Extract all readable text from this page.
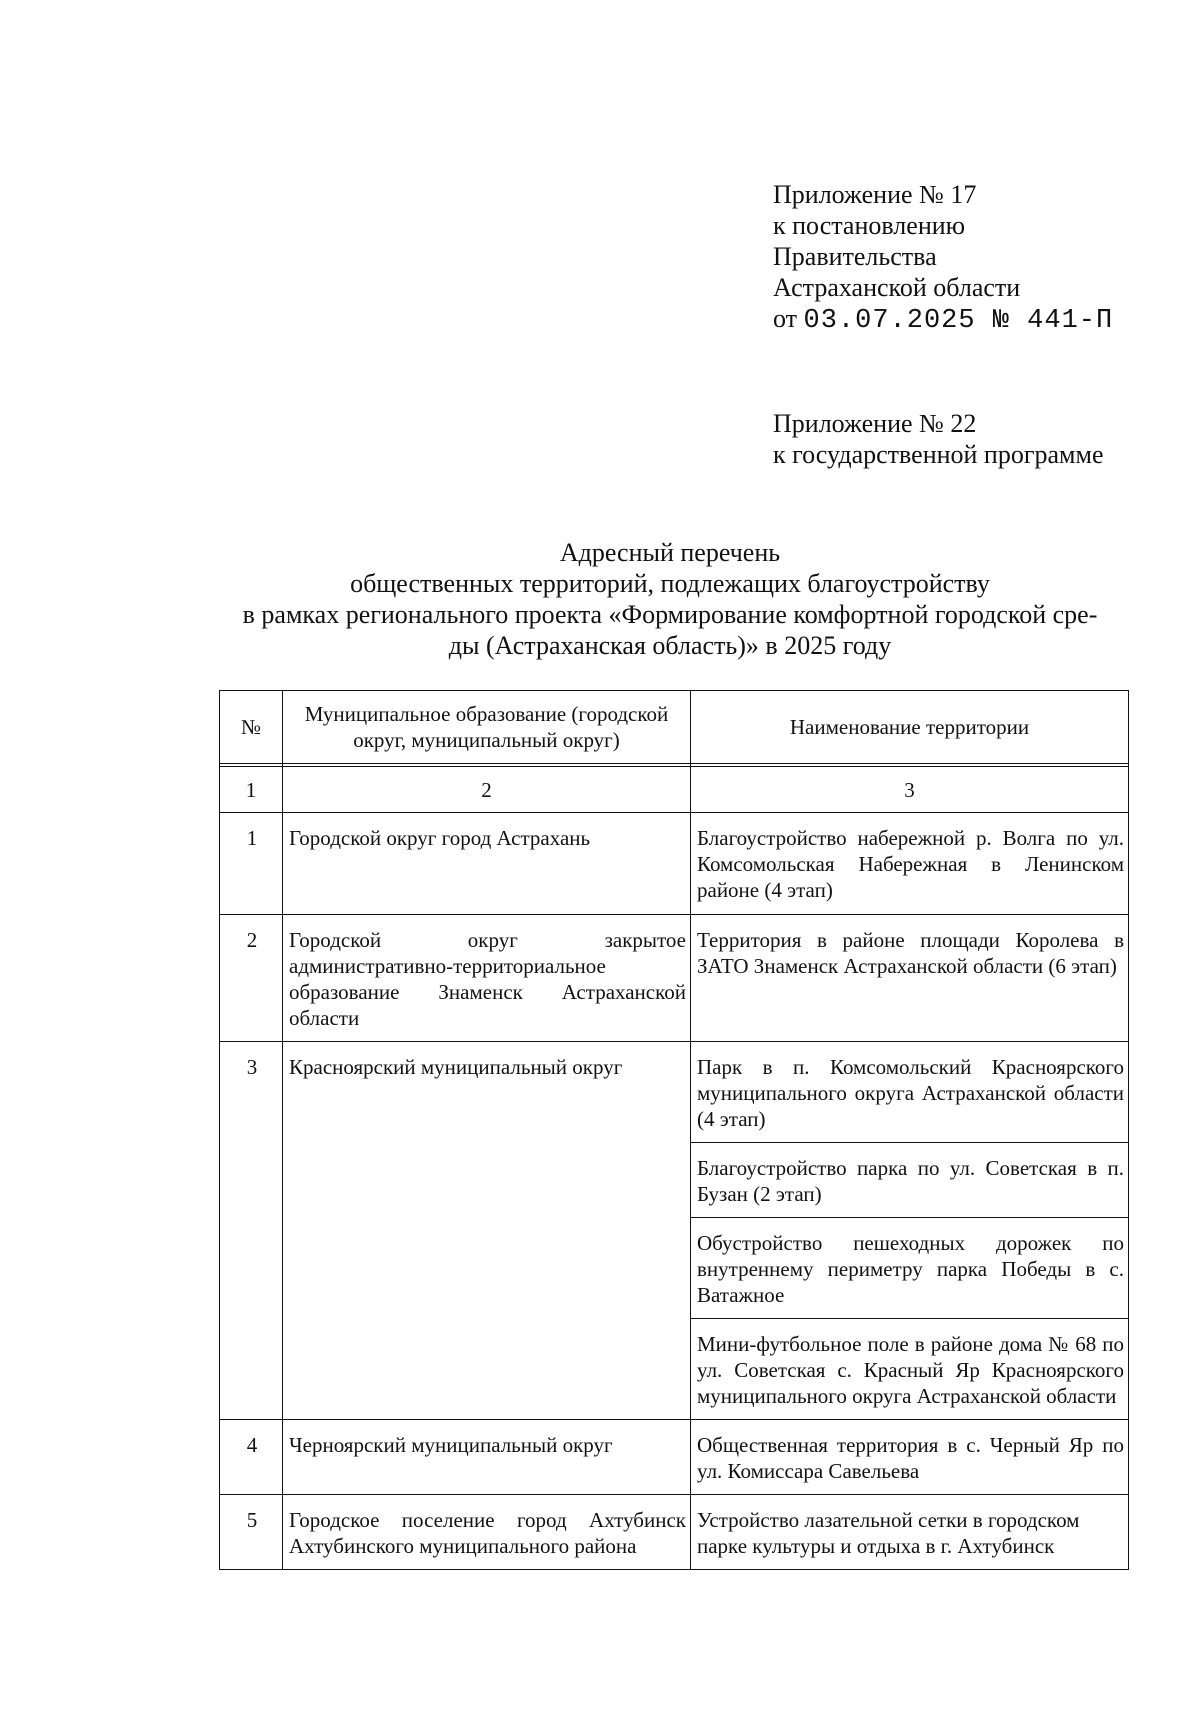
Приложение № 17
к постановлению
Правительства
Астраханской области
от 03.07.2025 № 441-П
Приложение № 22
к государственной программе
Адресный перечень
общественных территорий, подлежащих благоустройству
в рамках регионального проекта «Формирование комфортной городской сре-
ды (Астраханская область)» в 2025 году
№	Муниципальное образование (городской округ, муниципальный округ)	Наименование территории

1	2	3
1	Городской округ город Астрахань	Благоустройство набережной р. Волга по ул. Комсомольская Набережная в Ленинском районе (4 этап)
2	Городской округ закрытое административно-территориальное образование Знаменск Астраханской области	Территория в районе площади Королева в ЗАТО Знаменск Астраханской области (6 этап)
3	Красноярский муниципальный округ	Парк в п. Комсомольский Красноярского муниципального округа Астраханской области (4 этап)
		Благоустройство парка по ул. Советская в п. Бузан (2 этап)
		Обустройство пешеходных дорожек по внутреннему периметру парка Победы в с. Ватажное
		Мини-футбольное поле в районе дома № 68 по ул. Советская с. Красный Яр Красноярского муниципального округа Астраханской области
4	Черноярский муниципальный округ	Общественная территория в с. Черный Яр по ул. Комиссара Савельева
5	Городское поселение город Ахтубинск Ахтубинского муниципального района	Устройство лазательной сетки в городском парке культуры и отдыха в г. Ахтубинск
